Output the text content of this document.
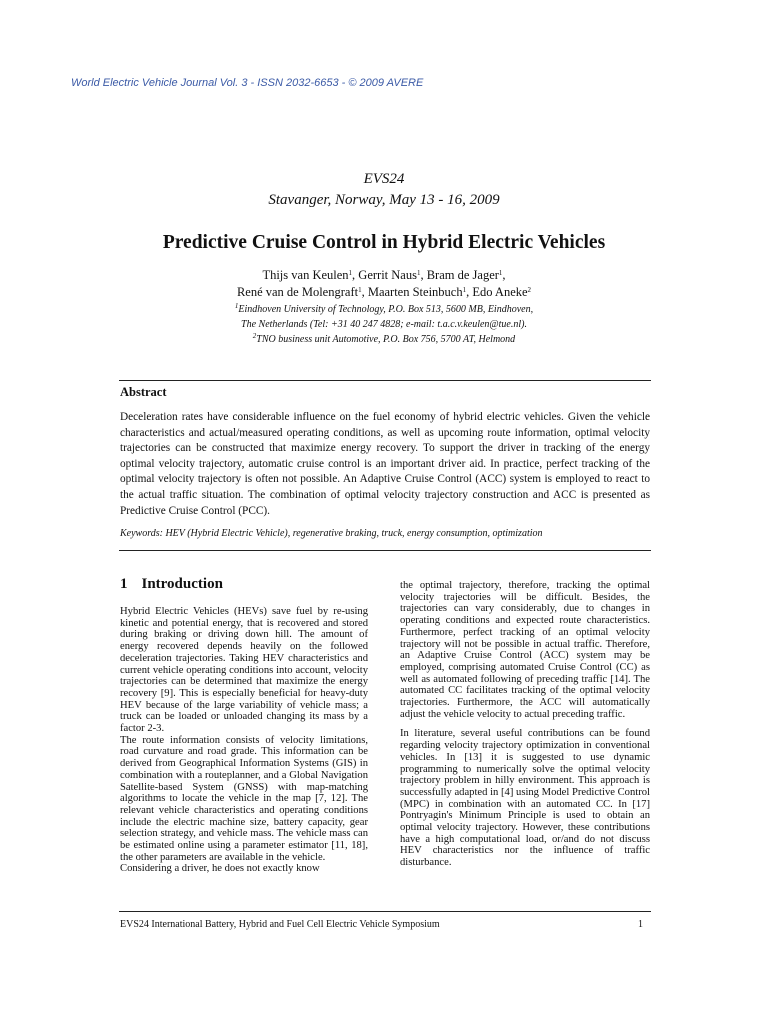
World Electric Vehicle Journal Vol. 3 - ISSN 2032-6653 - © 2009 AVERE
EVS24
Stavanger, Norway, May 13 - 16, 2009
Predictive Cruise Control in Hybrid Electric Vehicles
Thijs van Keulen$^1$, Gerrit Naus$^1$, Bram de Jager$^1$,
René van de Molengraft$^1$, Maarten Steinbuch$^1$, Edo Aneke$^2$
$^1$Eindhoven University of Technology, P.O. Box 513, 5600 MB, Eindhoven,
The Netherlands (Tel: +31 40 247 4828; e-mail: t.a.c.v.keulen@tue.nl).
$^2$TNO business unit Automotive, P.O. Box 756, 5700 AT, Helmond
Abstract

Deceleration rates have considerable influence on the fuel economy of hybrid electric vehicles. Given the vehicle characteristics and actual/measured operating conditions, as well as upcoming route information, optimal velocity trajectories can be constructed that maximize energy recovery. To support the driver in tracking of the energy optimal velocity trajectory, automatic cruise control is an important driver aid. In practice, perfect tracking of the optimal velocity trajectory is often not possible. An Adaptive Cruise Control (ACC) system is employed to react to the actual traffic situation. The combination of optimal velocity trajectory construction and ACC is presented as Predictive Cruise Control (PCC).

Keywords: HEV (Hybrid Electric Vehicle), regenerative braking, truck, energy consumption, optimization
1 Introduction

Hybrid Electric Vehicles (HEVs) save fuel by re-using kinetic and potential energy, that is recovered and stored during braking or driving down hill. The amount of energy recovered depends heavily on the followed deceleration trajectories. Taking HEV characteristics and current vehicle operating conditions into account, velocity trajectories can be determined that maximize the energy recovery [9]. This is especially beneficial for heavy-duty HEV because of the large variability of vehicle mass; a truck can be loaded or unloaded changing its mass by a factor 2-3.

The route information consists of velocity limitations, road curvature and road grade. This information can be derived from Geographical Information Systems (GIS) in combination with a routeplanner, and a Global Navigation Satellite-based System (GNSS) with map-matching algorithms to locate the vehicle in the map [7, 12]. The relevant vehicle characteristics and operating conditions include the electric machine size, battery capacity, gear selection strategy, and vehicle mass. The vehicle mass can be estimated online using a parameter estimator [11, 18], the other parameters are available in the vehicle.

Considering a driver, he does not exactly know

the optimal trajectory, therefore, tracking the optimal velocity trajectories will be difficult. Besides, the trajectories can vary considerably, due to changes in operating conditions and expected route characteristics. Furthermore, perfect tracking of an optimal velocity trajectory will not be possible in actual traffic. Therefore, an Adaptive Cruise Control (ACC) system may be employed, comprising automated Cruise Control (CC) as well as automated following of preceding traffic [14]. The automated CC facilitates tracking of the optimal velocity trajectories. Furthermore, the ACC will automatically adjust the vehicle velocity to actual preceding traffic.

In literature, several useful contributions can be found regarding velocity trajectory optimization in conventional vehicles. In [13] it is suggested to use dynamic programming to numerically solve the optimal velocity trajectory problem in hilly environment. This approach is successfully adapted in [4] using Model Predictive Control (MPC) in combination with an automated CC. In [17] Pontryagin's Minimum Principle is used to obtain an optimal velocity trajectory. However, these contributions have a high computational load, or/and do not discuss HEV characteristics nor the influence of traffic disturbance.

EVS24 International Battery, Hybrid and Fuel Cell Electric Vehicle Symposium	1
